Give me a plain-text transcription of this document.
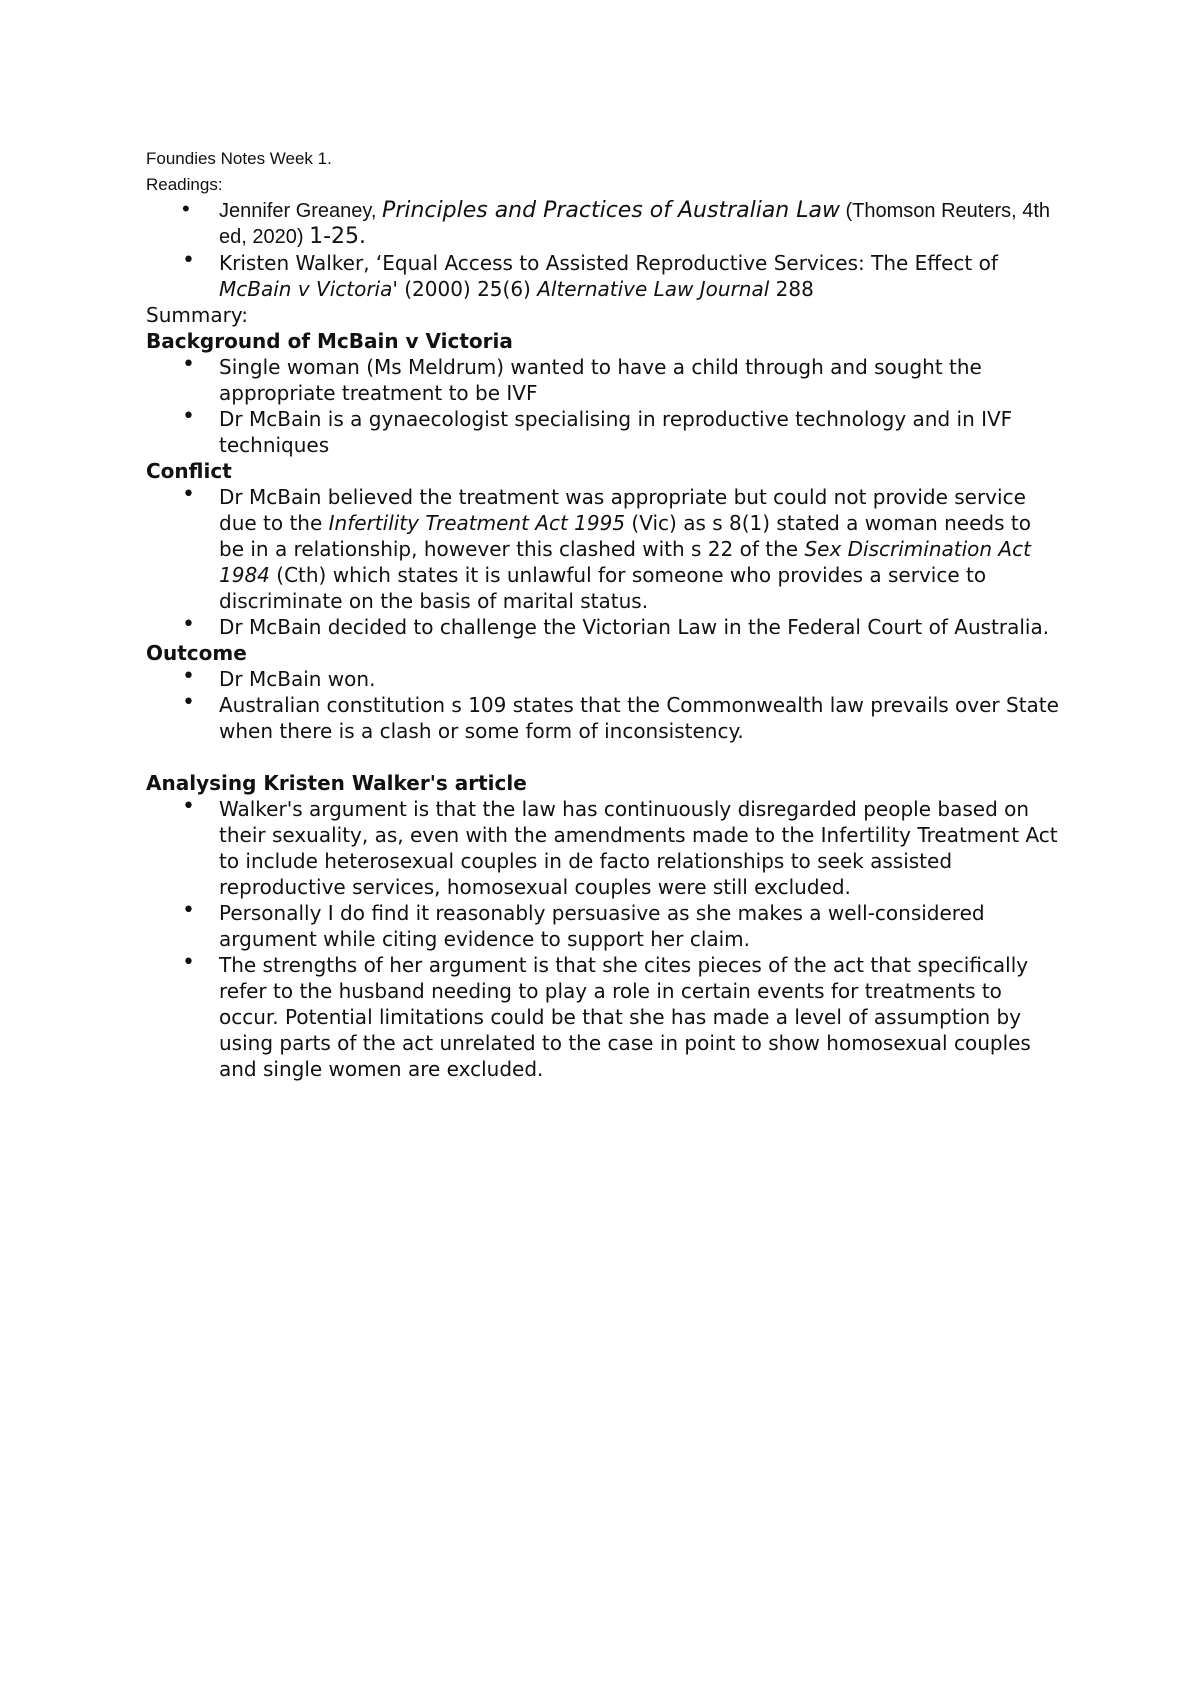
Foundies Notes Week 1.
Readings:
• Jennifer Greaney, Principles and Practices of Australian Law (Thomson Reuters, 4th ed, 2020) 1-25.
• Kristen Walker, ‘Equal Access to Assisted Reproductive Services: The Effect of McBain v Victoria' (2000) 25(6) Alternative Law Journal 288
Summary:
Background of McBain v Victoria
• Single woman (Ms Meldrum) wanted to have a child through and sought the appropriate treatment to be IVF
• Dr McBain is a gynaecologist specialising in reproductive technology and in IVF techniques
Conflict
• Dr McBain believed the treatment was appropriate but could not provide service due to the Infertility Treatment Act 1995 (Vic) as s 8(1) stated a woman needs to be in a relationship, however this clashed with s 22 of the Sex Discrimination Act 1984 (Cth) which states it is unlawful for someone who provides a service to discriminate on the basis of marital status.
• Dr McBain decided to challenge the Victorian Law in the Federal Court of Australia.
Outcome
• Dr McBain won.
• Australian constitution s 109 states that the Commonwealth law prevails over State when there is a clash or some form of inconsistency.
Analysing Kristen Walker's article
• Walker's argument is that the law has continuously disregarded people based on their sexuality, as, even with the amendments made to the Infertility Treatment Act to include heterosexual couples in de facto relationships to seek assisted reproductive services, homosexual couples were still excluded.
• Personally I do find it reasonably persuasive as she makes a well-considered argument while citing evidence to support her claim.
• The strengths of her argument is that she cites pieces of the act that specifically refer to the husband needing to play a role in certain events for treatments to occur. Potential limitations could be that she has made a level of assumption by using parts of the act unrelated to the case in point to show homosexual couples and single women are excluded.
